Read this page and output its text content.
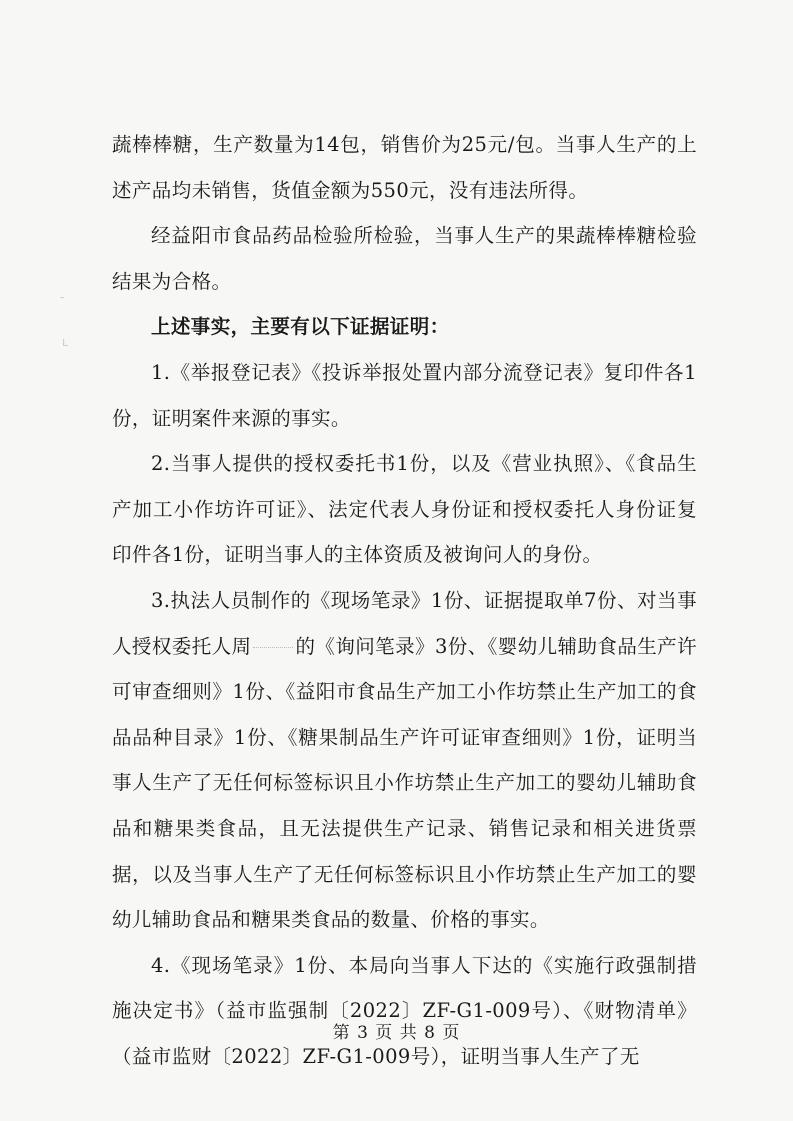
蔬棒棒糖，生产数量为14包，销售价为25元/包。当事人生产的上述产品均未销售，货值金额为550元，没有违法所得。

经益阳市食品药品检验所检验，当事人生产的果蔬棒棒糖检验结果为合格。

上述事实，主要有以下证据证明：

1.《举报登记表》《投诉举报处置内部分流登记表》复印件各1份，证明案件来源的事实。

2.当事人提供的授权委托书1份，以及《营业执照》、《食品生产加工小作坊许可证》、法定代表人身份证和授权委托人身份证复印件各1份，证明当事人的主体资质及被询问人的身份。

3.执法人员制作的《现场笔录》1份、证据提取单7份、对当事人授权委托人周 的《询问笔录》3份、《婴幼儿辅助食品生产许可审查细则》1份、《益阳市食品生产加工小作坊禁止生产加工的食品品种目录》1份、《糖果制品生产许可证审查细则》1份，证明当事人生产了无任何标签标识且小作坊禁止生产加工的婴幼儿辅助食品和糖果类食品，且无法提供生产记录、销售记录和相关进货票据，以及当事人生产了无任何标签标识且小作坊禁止生产加工的婴幼儿辅助食品和糖果类食品的数量、价格的事实。

4.《现场笔录》1份、本局向当事人下达的《实施行政强制措施决定书》（益市监强制〔2022〕ZF-G1-009号）、《财物清单》（益市监财〔2022〕ZF-G1-009号），证明当事人生产了无

第 3 页 共 8 页
-
ʟ
